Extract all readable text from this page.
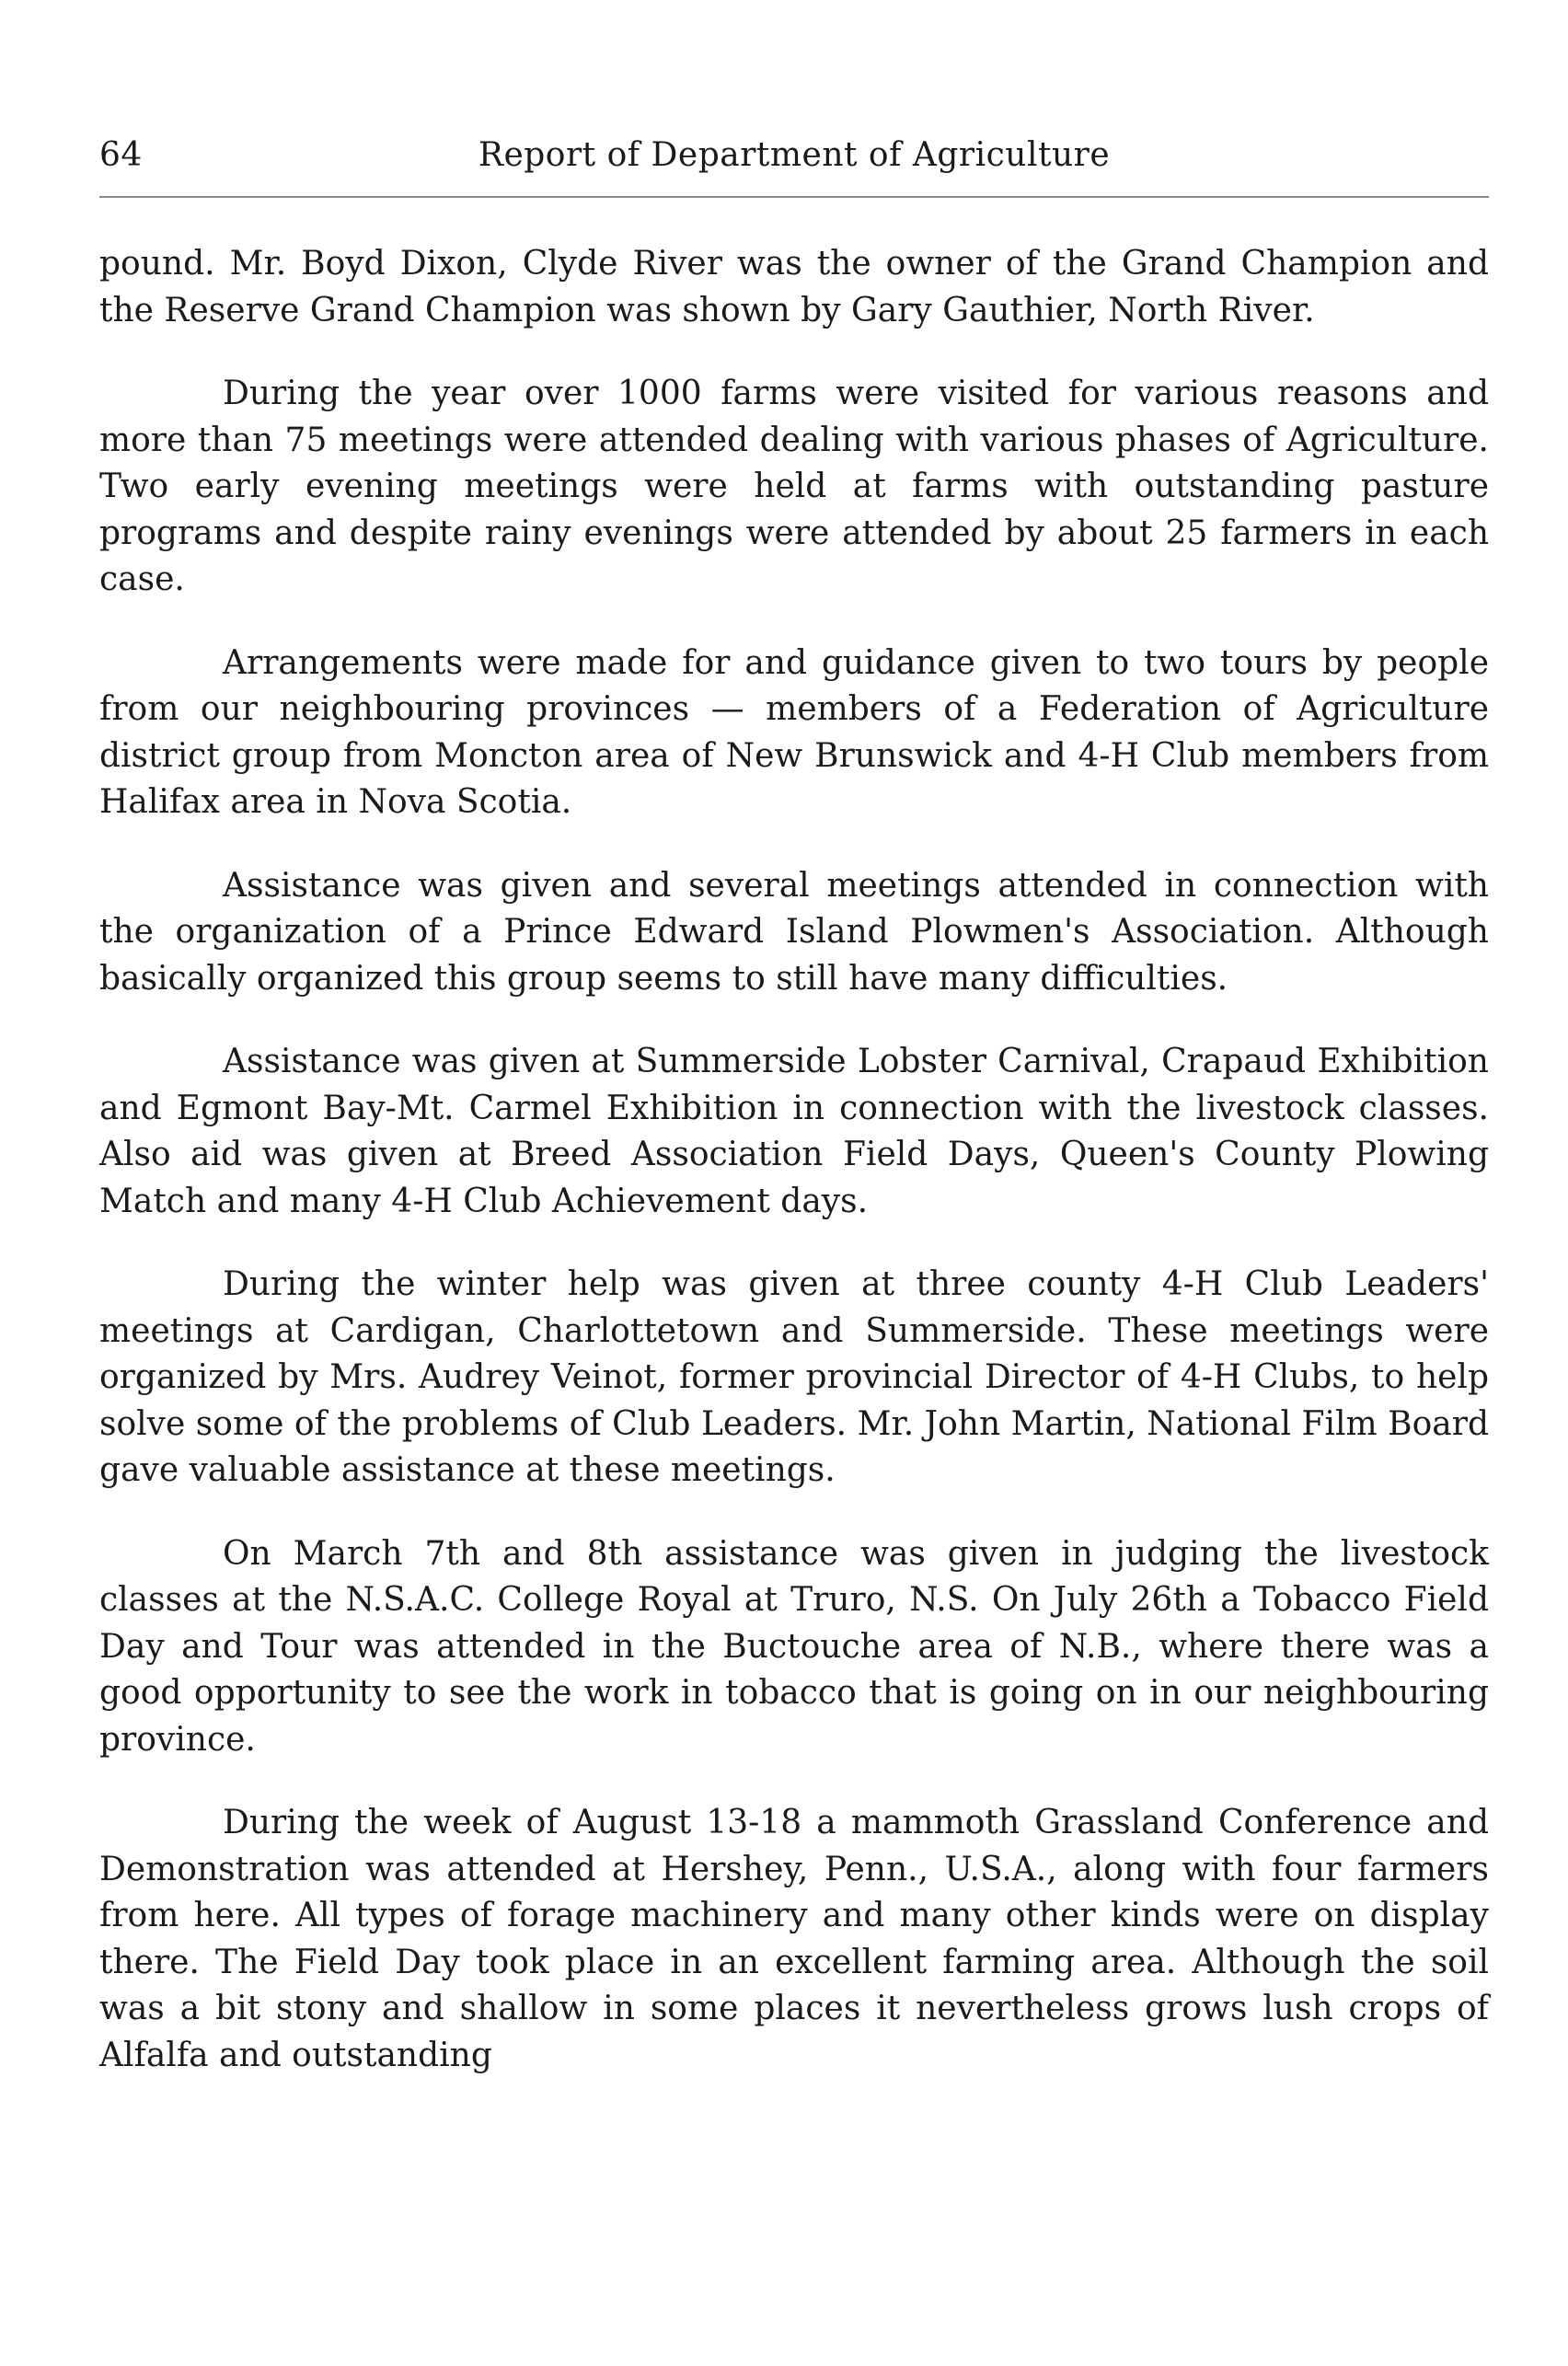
64	Report of Department of Agriculture

pound. Mr. Boyd Dixon, Clyde River was the owner of the Grand Champion and the Reserve Grand Champion was shown by Gary Gauthier, North River.

During the year over 1000 farms were visited for various reasons and more than 75 meetings were attended dealing with various phases of Agriculture. Two early evening meetings were held at farms with outstanding pasture programs and despite rainy evenings were attended by about 25 farmers in each case.

Arrangements were made for and guidance given to two tours by people from our neighbouring provinces — members of a Federation of Agriculture district group from Moncton area of New Brunswick and 4-H Club members from Halifax area in Nova Scotia.

Assistance was given and several meetings attended in connection with the organization of a Prince Edward Island Plowmen's Association. Although basically organized this group seems to still have many difficulties.

Assistance was given at Summerside Lobster Carnival, Crapaud Exhibition and Egmont Bay-Mt. Carmel Exhibition in connection with the livestock classes. Also aid was given at Breed Association Field Days, Queen's County Plowing Match and many 4-H Club Achievement days.

During the winter help was given at three county 4-H Club Leaders' meetings at Cardigan, Charlottetown and Summerside. These meetings were organized by Mrs. Audrey Veinot, former provincial Director of 4-H Clubs, to help solve some of the problems of Club Leaders. Mr. John Martin, National Film Board gave valuable assistance at these meetings.

On March 7th and 8th assistance was given in judging the livestock classes at the N.S.A.C. College Royal at Truro, N.S. On July 26th a Tobacco Field Day and Tour was attended in the Buctouche area of N.B., where there was a good opportunity to see the work in tobacco that is going on in our neighbouring province.

During the week of August 13-18 a mammoth Grassland Conference and Demonstration was attended at Hershey, Penn., U.S.A., along with four farmers from here. All types of forage machinery and many other kinds were on display there. The Field Day took place in an excellent farming area. Although the soil was a bit stony and shallow in some places it nevertheless grows lush crops of Alfalfa and outstanding
